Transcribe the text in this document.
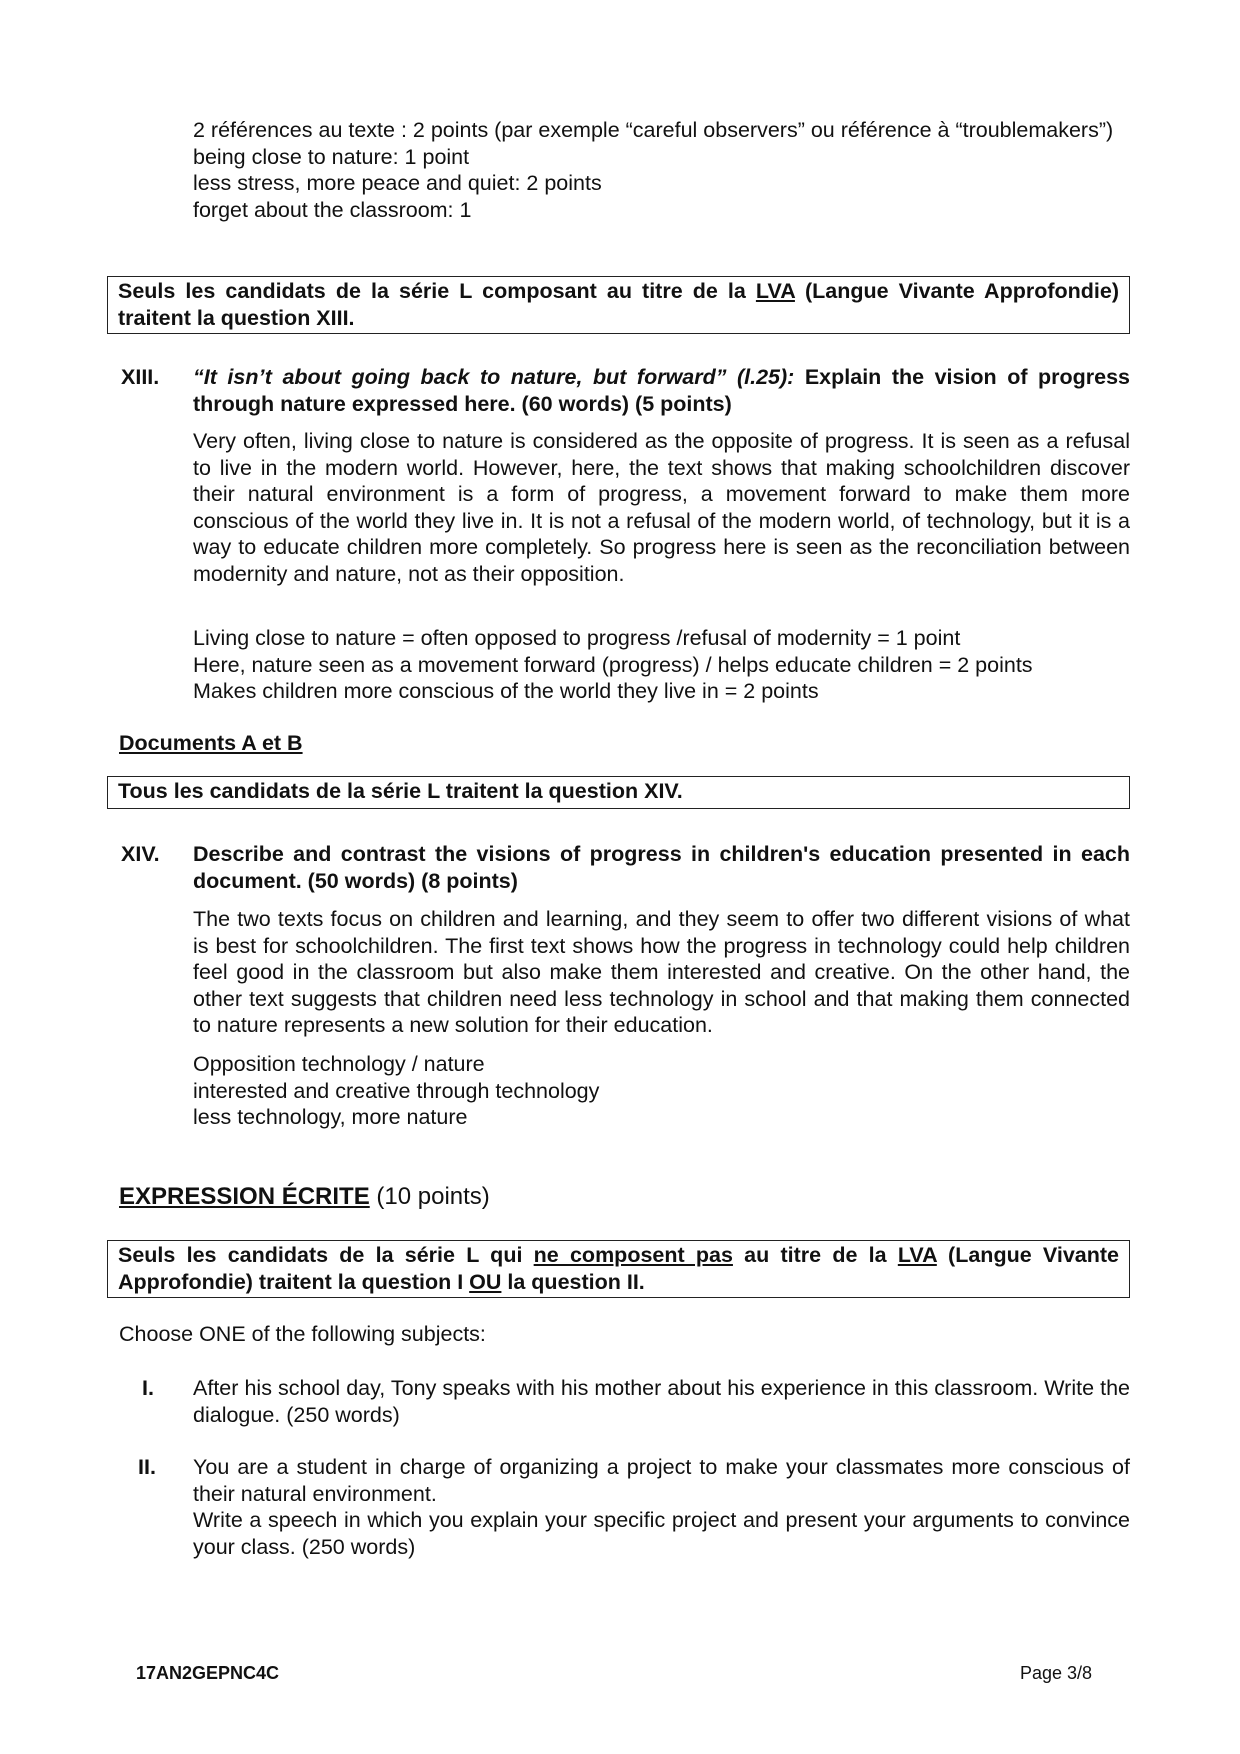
2 références au texte : 2 points (par exemple “careful observers” ou référence à “troublemakers”)
being close to nature: 1 point
less stress, more peace and quiet: 2 points
forget about the classroom: 1
Seuls les candidats de la série L composant au titre de la LVA (Langue Vivante Approfondie) traitent la question XIII.
XIII. “It isn’t about going back to nature, but forward” (l.25): Explain the vision of progress through nature expressed here. (60 words) (5 points)
Very often, living close to nature is considered as the opposite of progress. It is seen as a refusal to live in the modern world. However, here, the text shows that making schoolchildren discover their natural environment is a form of progress, a movement forward to make them more conscious of the world they live in. It is not a refusal of the modern world, of technology, but it is a way to educate children more completely. So progress here is seen as the reconciliation between modernity and nature, not as their opposition.
Living close to nature = often opposed to progress /refusal of modernity = 1 point
Here, nature seen as a movement forward (progress) / helps educate children = 2 points
Makes children more conscious of the world they live in = 2 points
Documents A et B
Tous les candidats de la série L traitent la question XIV.
XIV. Describe and contrast the visions of progress in children's education presented in each document. (50 words) (8 points)
The two texts focus on children and learning, and they seem to offer two different visions of what is best for schoolchildren. The first text shows how the progress in technology could help children feel good in the classroom but also make them interested and creative. On the other hand, the other text suggests that children need less technology in school and that making them connected to nature represents a new solution for their education.
Opposition technology / nature
interested and creative through technology
less technology, more nature
EXPRESSION ÉCRITE (10 points)
Seuls les candidats de la série L qui ne composent pas au titre de la LVA (Langue Vivante Approfondie) traitent la question I OU la question II.
Choose ONE of the following subjects:
I. After his school day, Tony speaks with his mother about his experience in this classroom. Write the dialogue. (250 words)
II. You are a student in charge of organizing a project to make your classmates more conscious of their natural environment.
Write a speech in which you explain your specific project and present your arguments to convince your class. (250 words)
17AN2GEPNC4C	Page 3/8
